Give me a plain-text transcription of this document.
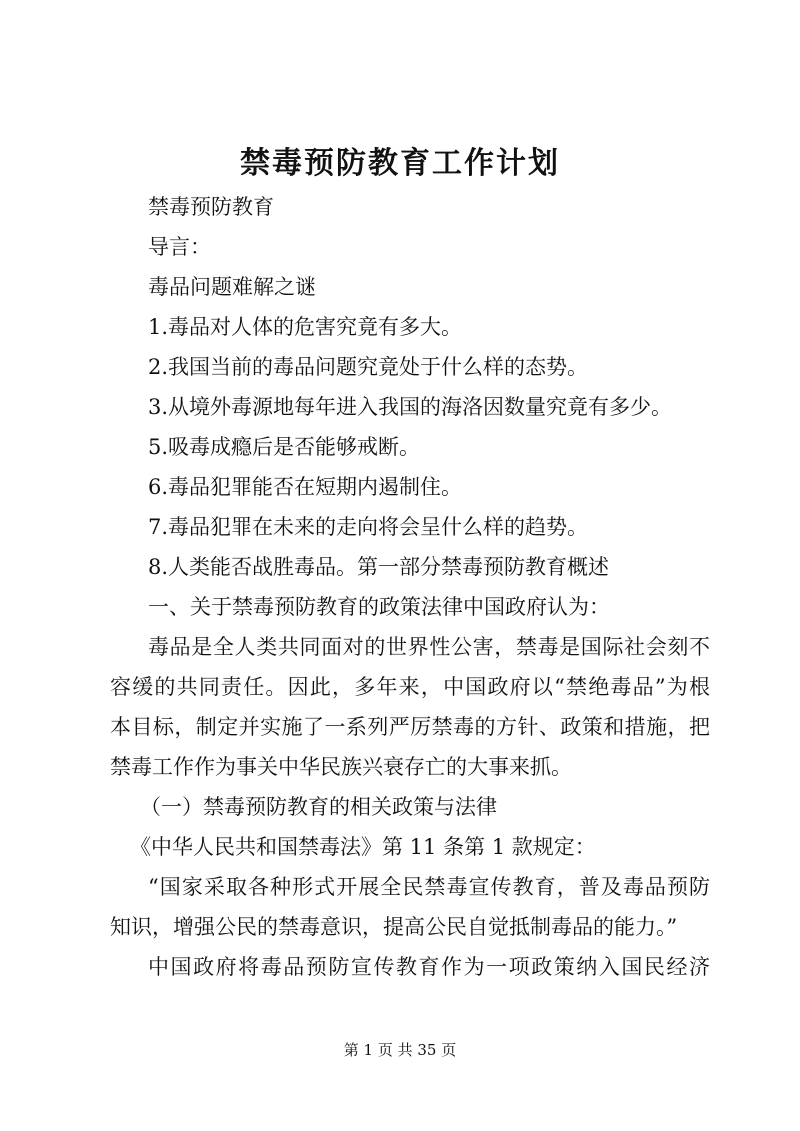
禁毒预防教育工作计划
禁毒预防教育
导言：
毒品问题难解之谜
1.毒品对人体的危害究竟有多大。
2.我国当前的毒品问题究竟处于什么样的态势。
3.从境外毒源地每年进入我国的海洛因数量究竟有多少。
5.吸毒成瘾后是否能够戒断。
6.毒品犯罪能否在短期内遏制住。
7.毒品犯罪在未来的走向将会呈什么样的趋势。
8.人类能否战胜毒品。第一部分禁毒预防教育概述
一、关于禁毒预防教育的政策法律中国政府认为：
毒品是全人类共同面对的世界性公害，禁毒是国际社会刻不
容缓的共同责任。因此，多年来，中国政府以“禁绝毒品”为根
本目标，制定并实施了一系列严厉禁毒的方针、政策和措施，把
禁毒工作作为事关中华民族兴衰存亡的大事来抓。
（一）禁毒预防教育的相关政策与法律
《中华人民共和国禁毒法》第 11 条第 1 款规定：
“国家采取各种形式开展全民禁毒宣传教育，普及毒品预防
知识，增强公民的禁毒意识，提高公民自觉抵制毒品的能力。”
中国政府将毒品预防宣传教育作为一项政策纳入国民经济
第 1 页 共 35 页
